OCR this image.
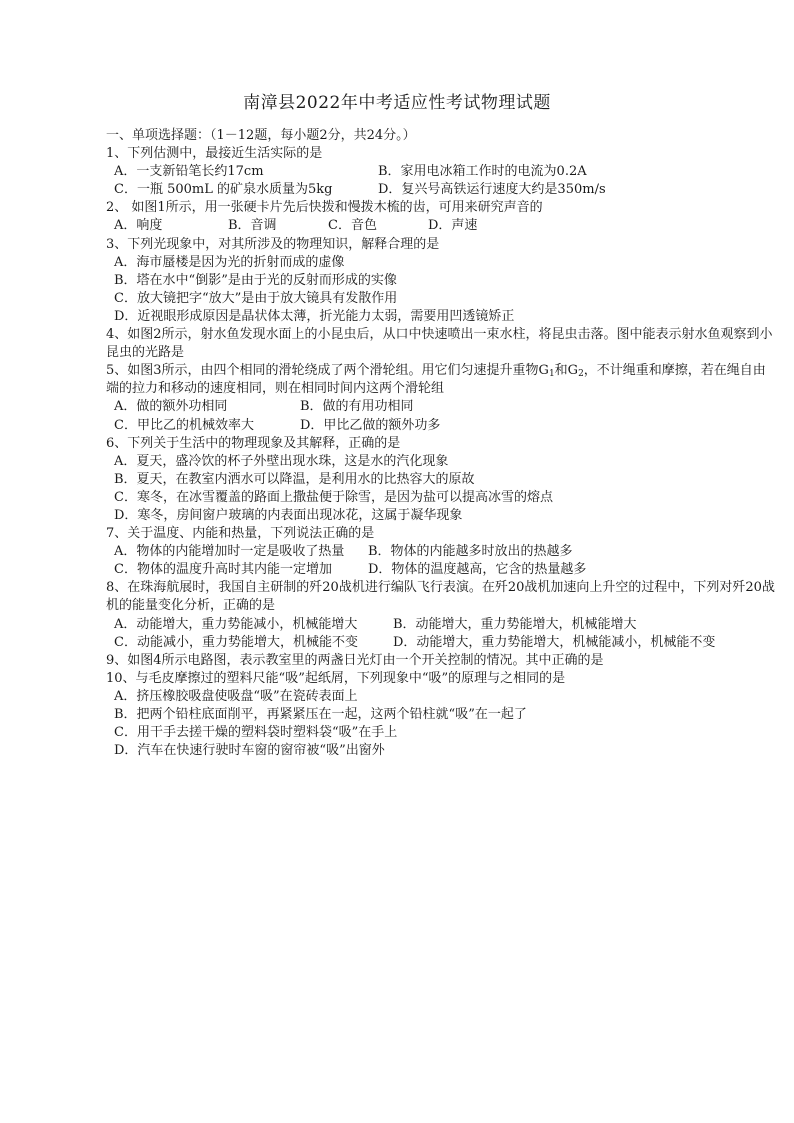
南漳县2022年中考适应性考试物理试题
一、单项选择题：（1－12题，每小题2分，共24分。）
1、下列估测中，最接近生活实际的是
A．一支新铅笔长约17cm	B．家用电冰箱工作时的电流为0.2A
C．一瓶 500mL 的矿泉水质量为5kg	D．复兴号高铁运行速度大约是350m/s
2、 如图1所示，用一张硬卡片先后快拨和慢拨木梳的齿，可用来研究声音的
A．响度	B．音调	C．音色	D．声速
3、下列光现象中，对其所涉及的物理知识，解释合理的是
A．海市蜃楼是因为光的折射而成的虚像
B．塔在水中“倒影”是由于光的反射而形成的实像
C．放大镜把字“放大”是由于放大镜具有发散作用
D．近视眼形成原因是晶状体太薄，折光能力太弱，需要用凹透镜矫正
4、如图2所示，射水鱼发现水面上的小昆虫后，从口中快速喷出一束水柱，将昆虫击落。图中能表示射水鱼观察到小昆虫的光路是
5、如图3所示，由四个相同的滑轮绕成了两个滑轮组。用它们匀速提升重物$G_1$和$G_2$，不计绳重和摩擦，若在绳自由端的拉力和移动的速度相同，则在相同时间内这两个滑轮组
A．做的额外功相同	B．做的有用功相同
C．甲比乙的机械效率大	D．甲比乙做的额外功多
6、下列关于生活中的物理现象及其解释，正确的是
A．夏天，盛冷饮的杯子外壁出现水珠，这是水的汽化现象
B．夏天，在教室内洒水可以降温，是利用水的比热容大的原故
C．寒冬，在冰雪覆盖的路面上撒盐便于除雪，是因为盐可以提高冰雪的熔点
D．寒冬，房间窗户玻璃的内表面出现冰花，这属于凝华现象
7、关于温度、内能和热量，下列说法正确的是
A．物体的内能增加时一定是吸收了热量	B．物体的内能越多时放出的热越多
C．物体的温度升高时其内能一定增加	D．物体的温度越高，它含的热量越多
8、在珠海航展时，我国自主研制的歼20战机进行编队飞行表演。在歼20战机加速向上升空的过程中，下列对歼20战机的能量变化分析，正确的是
A．动能增大，重力势能减小，机械能增大	B．动能增大，重力势能增大，机械能增大
C．动能减小，重力势能增大，机械能不变	D．动能增大，重力势能增大，机械能减小，机械能不变
9、如图4所示电路图，表示教室里的两盏日光灯由一个开关控制的情况。其中正确的是
10、与毛皮摩擦过的塑料尺能“吸”起纸屑，下列现象中“吸”的原理与之相同的是
A．挤压橡胶吸盘使吸盘“吸”在瓷砖表面上
B．把两个铅柱底面削平，再紧紧压在一起，这两个铅柱就“吸”在一起了
C．用干手去搓干燥的塑料袋时塑料袋“吸”在手上
D．汽车在快速行驶时车窗的窗帘被“吸”出窗外
